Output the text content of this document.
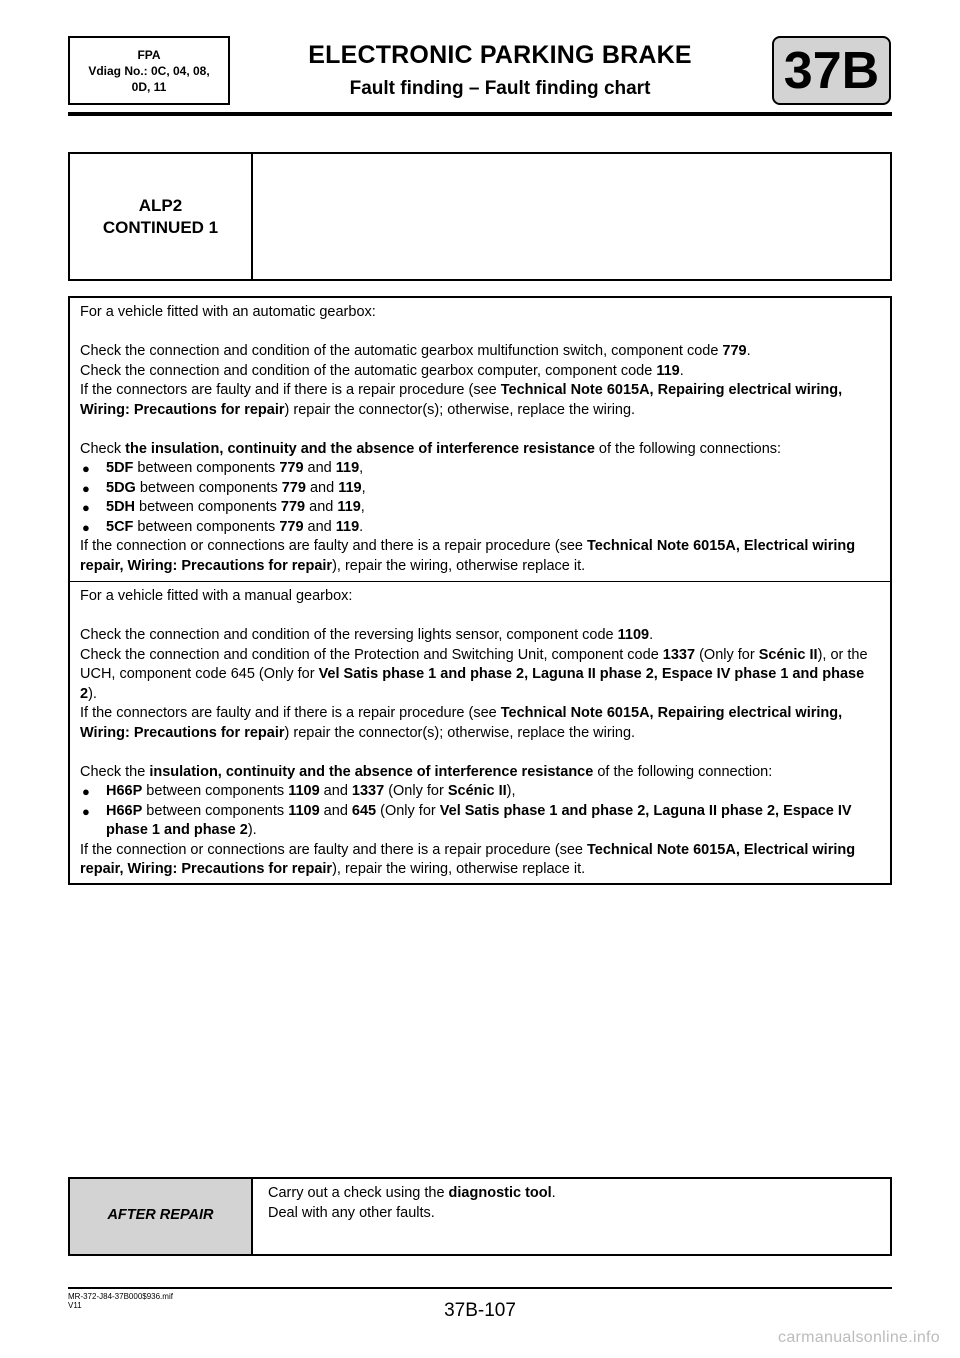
FPA
Vdiag No.: 0C, 04, 08,
0D, 11
ELECTRONIC PARKING BRAKE
Fault finding – Fault finding chart	37B
ALP2
CONTINUED 1

For a vehicle fitted with an automatic gearbox:

Check the connection and condition of the automatic gearbox multifunction switch, component code 779.

Check the connection and condition of the automatic gearbox computer, component code 119.

If the connectors are faulty and if there is a repair procedure (see Technical Note 6015A, Repairing electrical wiring, Wiring: Precautions for repair) repair the connector(s); otherwise, replace the wiring.

Check the insulation, continuity and the absence of interference resistance of the following connections:

● 5DF between components 779 and 119,

● 5DG between components 779 and 119,

● 5DH between components 779 and 119,

● 5CF between components 779 and 119.

If the connection or connections are faulty and there is a repair procedure (see Technical Note 6015A, Electrical wiring repair, Wiring: Precautions for repair), repair the wiring, otherwise replace it.

For a vehicle fitted with a manual gearbox:

Check the connection and condition of the reversing lights sensor, component code 1109.

Check the connection and condition of the Protection and Switching Unit, component code 1337 (Only for Scénic II), or the UCH, component code 645 (Only for Vel Satis phase 1 and phase 2, Laguna II phase 2, Espace IV phase 1 and phase 2).

If the connectors are faulty and if there is a repair procedure (see Technical Note 6015A, Repairing electrical wiring, Wiring: Precautions for repair) repair the connector(s); otherwise, replace the wiring.

Check the insulation, continuity and the absence of interference resistance of the following connection:

● H66P between components 1109 and 1337 (Only for Scénic II),

● H66P between components 1109 and 645 (Only for Vel Satis phase 1 and phase 2, Laguna II phase 2, Espace IV phase 1 and phase 2).

If the connection or connections are faulty and there is a repair procedure (see Technical Note 6015A, Electrical wiring repair, Wiring: Precautions for repair), repair the wiring, otherwise replace it.

AFTER REPAIR

Carry out a check using the diagnostic tool.

Deal with any other faults.

MR-372-J84-37B000$936.mif
V11	37B-107
carmanualsonline.info
